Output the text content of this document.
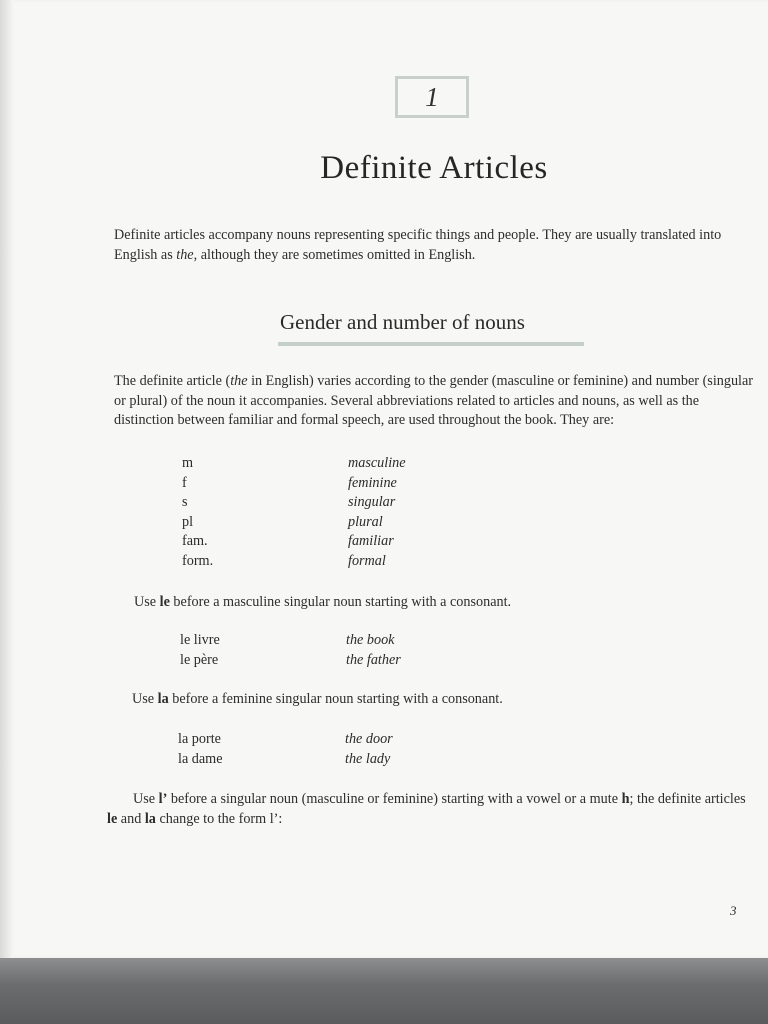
1
Definite Articles

Definite articles accompany nouns representing specific things and people. They are usually translated into English as the, although they are sometimes omitted in English.

Gender and number of nouns

The definite article (the in English) varies according to the gender (masculine or feminine) and number (singular or plural) of the noun it accompanies. Several abbreviations related to articles and nouns, as well as the distinction between familiar and formal speech, are used throughout the book. They are:

m	masculine
f	feminine
s	singular
pl	plural
fam.	familiar
form.	formal
Use le before a masculine singular noun starting with a consonant.
le livre	the book
le père	the father
Use la before a feminine singular noun starting with a consonant.
la porte	the door
la dame	the lady

Use l’ before a singular noun (masculine or feminine) starting with a vowel or a mute h; the definite articles le and la change to the form l’:

3
